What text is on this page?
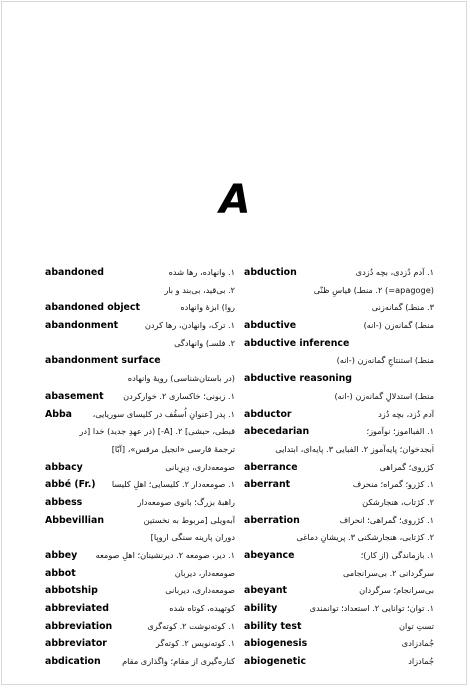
A
abandoned	۱. وانهاده، رها شده
۲. بی‌قید، بی‌بند و بار
abandoned object	روا) ابزهٔ وانهاده
abandonment	۱. ترک، وانهادن، رها کردن
۲. فلسـ) وانهادگی
abandonment surface
(در باستان‌شناسی) رویهٔ وانهاده
abasement ۱. زبونی؛ خاکساری ۲. خوارکردن
Abba	۱. پدر [عنوانِ اُسقُف در کلیسای سوریایی،
قبطی، حبشی] ۲. [A-] (در عهدِ جدید) خدا [در
ترجمهٔ فارسی «انجیل مرقس»، [آبّا]
abbacy	صومعه‌داری، دِیرِبانی
abbé (Fr.) ۱. صومعه‌دار ۲. کلیسایی؛ اهلِ کلیسا
abbess	راهبهٔ بزرگ؛ بانوی صومعه‌دار
Abbevillian	آبه‌ویلی [مربوط به نخستین
دوران پارینه سنگی اروپا]
abbey ۱. دیر، صومعه ۲. دیرنشینان؛ اهلِ صومعه
abbot	صومعه‌دار، دیربان
abbotship	صومعه‌داری، دیربانی
abbreviated	کوتهیده، کوتاه شده
abbreviation	۱. کوته‌نوشت ۲. کوته‌گری
abbreviator	۱. کوته‌نویس ۲. کوته‌گر
abdication	کناره‌گیری از مقام؛ واگذاری مقام
abduction	۱. آدم دُزدی، بچه دُزدی
(apagoge=) ۲. منطـ) قیاسِ ظنّی
۳. منطـ) گمانه‌زنی
abductive	منطـ) گمانه‌زن (-انه)
abductive inference
منطـ) استنتاجِ گمانه‌زن (-انه)
abductive reasoning
منطـ) استدلالِ گمانه‌زن (-انه)
abductor	آدم دُزد، بچه دُزد
abecedarian	۱. الفبااموز؛ نوآموز؛
اَبجدخوان؛ پایه‌آموز ۲. الفبایی ۳. پایه‌ای، ابتدایی
aberrance	کژروی؛ گمراهی
aberrant	۱. کژرو؛ گمراه؛ منحرف
۲. کژتاب، هنجارشکن
aberration	۱. کژروی؛ گمراهی؛ انحراف
۲. کژتابی، هنجارشکنی ۳. پریشانِ دماغی
abeyance	۱. بازماندگی (از کار)؛
سرگردانی ۲. بی‌سرانجامی
abeyant	بی‌سرانجام؛ سرگردان
ability	۱. توان؛ توانایی ۲. استعداد؛ توانمندی
ability test	تستِ توان
abiogenesis	جُمادزادی
abiogenetic	جُمادزاد
